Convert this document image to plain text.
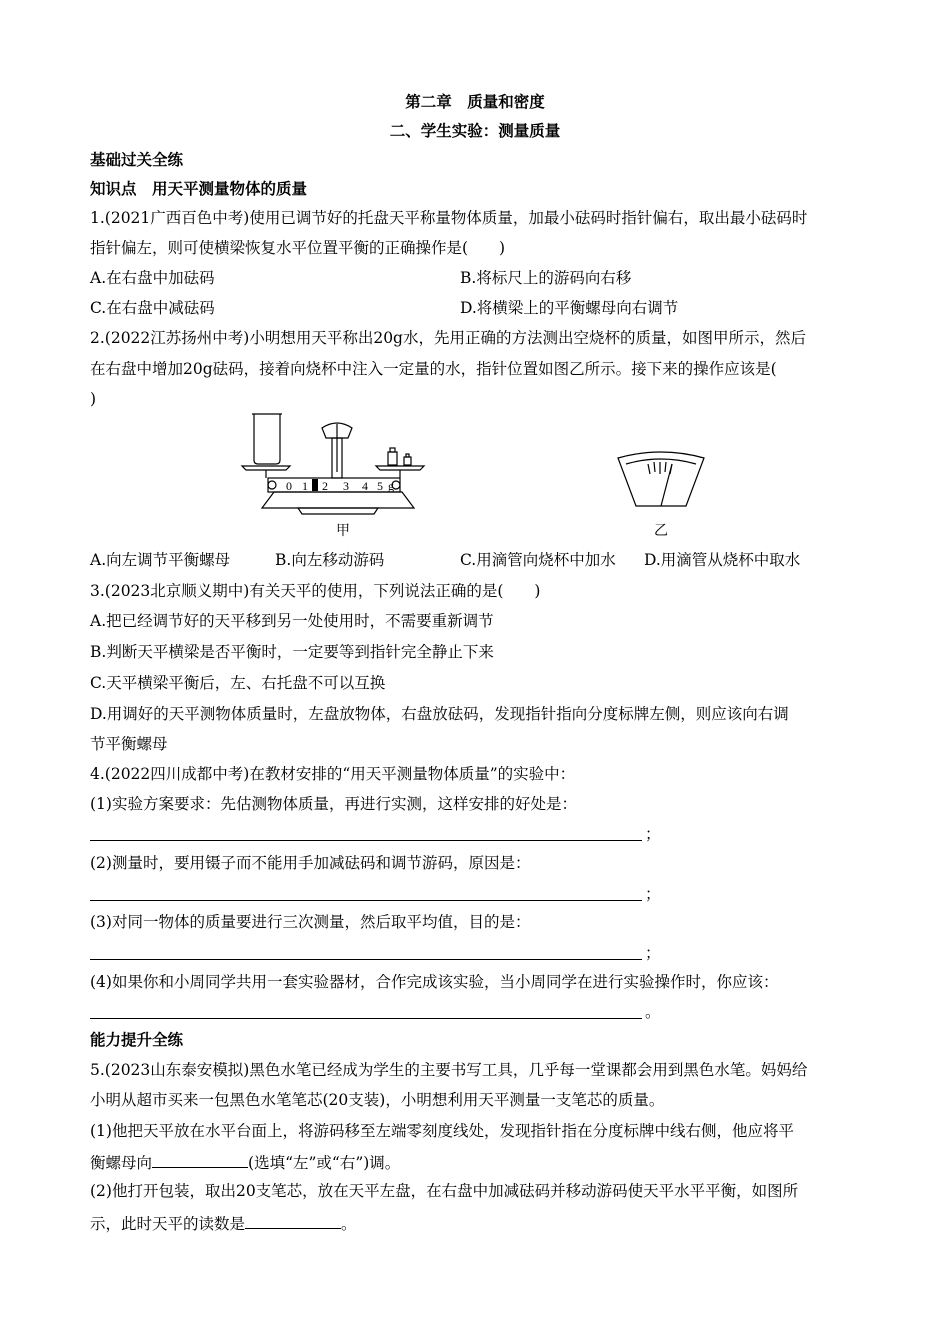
第二章　质量和密度
二、学生实验：测量质量
基础过关全练
知识点　用天平测量物体的质量
1.(2021广西百色中考)使用已调节好的托盘天平称量物体质量，加最小砝码时指针偏右，取出最小砝码时
指针偏左，则可使横梁恢复水平位置平衡的正确操作是(　　)
A.在右盘中加砝码	B.将标尺上的游码向右移
C.在右盘中减砝码	D.将横梁上的平衡螺母向右调节
2.(2022江苏扬州中考)小明想用天平称出20g水，先用正确的方法测出空烧杯的质量，如图甲所示，然后
在右盘中增加20g砝码，接着向烧杯中注入一定量的水，指针位置如图乙所示。接下来的操作应该是(
)
0 1 2 3 4 5 g
甲	乙
A.向左调节平衡螺母	B.向左移动游码	C.用滴管向烧杯中加水 D.用滴管从烧杯中取水
3.(2023北京顺义期中)有关天平的使用，下列说法正确的是(　　)
A.把已经调节好的天平移到另一处使用时，不需要重新调节
B.判断天平横梁是否平衡时，一定要等到指针完全静止下来
C.天平横梁平衡后，左、右托盘不可以互换
D.用调好的天平测物体质量时，左盘放物体，右盘放砝码，发现指针指向分度标牌左侧，则应该向右调
节平衡螺母
4.(2022四川成都中考)在教材安排的“用天平测量物体质量”的实验中：
(1)实验方案要求：先估测物体质量，再进行实测，这样安排的好处是：
；
(2)测量时，要用镊子而不能用手加减砝码和调节游码，原因是：
；
(3)对同一物体的质量要进行三次测量，然后取平均值，目的是：
；
(4)如果你和小周同学共用一套实验器材，合作完成该实验，当小周同学在进行实验操作时，你应该：
。
能力提升全练
5.(2023山东泰安模拟)黑色水笔已经成为学生的主要书写工具，几乎每一堂课都会用到黑色水笔。妈妈给
小明从超市买来一包黑色水笔笔芯(20支装)，小明想利用天平测量一支笔芯的质量。
(1)他把天平放在水平台面上，将游码移至左端零刻度线处，发现指针指在分度标牌中线右侧，他应将平
衡螺母向	(选填“左”或“右”)调。
(2)他打开包装，取出20支笔芯，放在天平左盘，在右盘中加减砝码并移动游码使天平水平平衡，如图所
示，此时天平的读数是	。
